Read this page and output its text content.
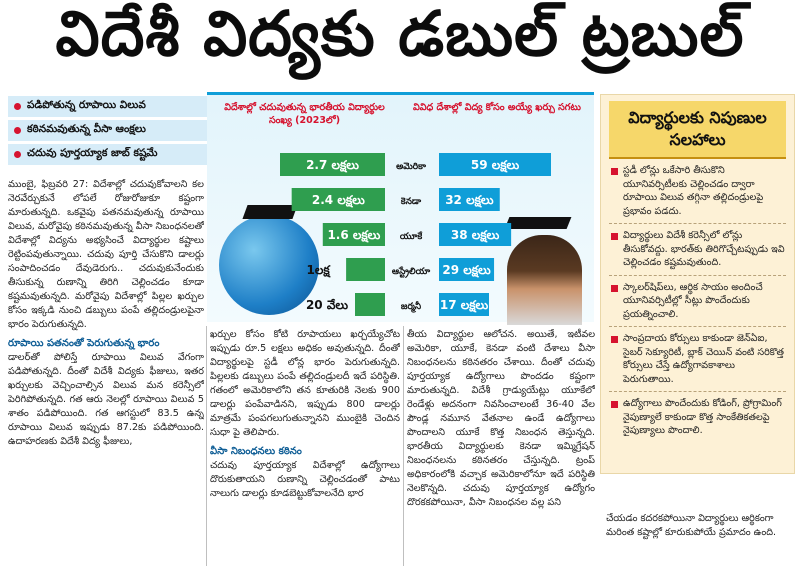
విదేశీ విద్యకు డబుల్ ట్రబుల్
పడిపోతున్న రూపాయి విలువ
కఠినమవుతున్న వీసా ఆంక్షలు
చదువు పూర్తయ్యాక జాబ్ కష్టమే
విదేశాల్లో చదువుతున్న భారతీయ విద్యార్థుల సంఖ్య (2023లో)
వివిధ దేశాల్లో విద్య కోసం అయ్యే ఖర్చు సగటు
2.7 లక్షలు
2.4 లక్షలు
1.6 లక్షలు
1లక్ష
20 వేలు
అమెరికా
కెనడా
యూకే
ఆస్ట్రేలియా
జర్మనీ
59 లక్షలు
32 లక్షలు
38 లక్షలు
29 లక్షలు
17 లక్షలు
విద్యార్థులకు నిపుణుల సలహాలు
స్టడీ లోన్లు ఒకేసారి తీసుకొని యూనివర్సిటీలకు చెల్లించడం ద్వారా రూపాయి విలువ తగ్గినా తల్లిదండ్రులపై ప్రభావం పడదు.
విద్యార్థులు విదేశీ కరెన్సీలో లోన్లు తీసుకోవద్దు. భారత్‌కు తిరిగొచ్చేటప్పుడు ఇవి చెల్లించడం కష్టమవుతుంది.
స్కాలర్‌షిప్‌లు, ఆర్థిక సాయం అందించే యూనివర్సిటీల్లో సీట్లు పొందేందుకు ప్రయత్నించాలి.
సాంప్రదాయ కోర్సులు కాకుండా జెన్‌ఏఐ, సైబర్ సెక్యూరిటీ, బ్లాక్ చెయిన్ వంటి సరికొత్త కోర్సులు చేస్తే ఉద్యోగావకాశాలు పెరుగుతాయి.
ఉద్యోగాలు పొందేందుకు కోడింగ్, ప్రోగ్రామింగ్ నైపుణ్యాలే కాకుండా కొత్త సాంకేతికతలపై నైపుణ్యాలు పొందాలి.
చేయడం కదరకపోయినా విద్యార్థులు ఆర్థికంగా మరింత కష్టాల్లో కూరుకుపోయే ప్రమాదం ఉంది.

ముంబై, ఫిబ్రవరి 27: విదేశాల్లో చదువుకోవాలని కల నెరవేర్చుకునే లోపలే రోజురోజుకూ కష్టంగా మారుతున్నది. ఒకవైపు పతనమవుతున్న రూపాయి విలువ, మరోవైపు కఠినమవుతున్న వీసా నిబంధనలతో విదేశాల్లో విద్యను అభ్యసించే విద్యార్థుల కష్టాలు రెట్టింపవుతున్నాయి. చదువు పూర్తి చేసుకొని డాలర్లు సంపాదించడం దేవుడెరుగు.. చదువుకునేందుకు తీసుకున్న రుణాన్ని తిరిగి చెల్లించడం కూడా కష్టమవుతున్నది. మరోవైపు విదేశాల్లో పిల్లల ఖర్చుల కోసం ఇక్కడి నుంచి డబ్బులు పంపే తల్లిదండ్రులపైనా భారం పెరుగుతున్నది.

రూపాయి పతనంతో పెరుగుతున్న భారం

డాలర్‌తో పోలిస్తే రూపాయి విలువ వేగంగా పడిపోతున్నది. దీంతో విదేశీ విద్యకు ఫీజులు, ఇతర ఖర్చులకు వెచ్చించాల్సిన విలువ మన కరెన్సీలో పెరిగిపోతున్నది. గత ఆరు నెలల్లో రూపాయి విలువ 5 శాతం పడిపోయింది. గత ఆగస్టులో 83.5 ఉన్న రూపాయి విలువ ఇప్పుడు 87.2కు పడిపోయింది. ఉదాహరణకు విదేశీ విద్య ఫీజులు,

ఖర్చుల కోసం కోటి రూపాయలు ఖర్చయ్యేచోట ఇప్పుడు రూ.5 లక్షలు అధికం అవుతున్నది. దీంతో విద్యార్థులపై స్టడీ లోన్ల భారం పెరుగుతున్నది. పిల్లలకు డబ్బులు పంపే తల్లిదండ్రులదీ ఇదే పరిస్థితి. గతంలో అమెరికాలోని తన కూతురికి నెలకు 900 డాలర్లు పంపేవాడినని, ఇప్పుడు 800 డాలర్లు మాత్రమే పంపగలుగుతున్నానని ముంబైకి చెందిన సుధా పై తెలిపారు.

వీసా నిబంధనలు కఠినం

చదువు పూర్తయ్యాక విదేశాల్లో ఉద్యోగాలు దొరుకుతాయని రుణాన్ని చెల్లించడంతో పాటు నాలుగు డాలర్లు కూడబెట్టుకోవాలనేది భార

తీయ విద్యార్థుల ఆలోచన. అయితే, ఇటీవల అమెరికా, యూకే, కెనడా వంటి దేశాలు వీసా నిబంధనలను కఠినతరం చేశాయి. దీంతో చదువు పూర్తయ్యాక ఉద్యోగాలు పొందడం కష్టంగా మారుతున్నది. విదేశీ గ్రాడ్యుయేట్లు యూకేలో రెండేళ్లు అదనంగా నివసించాలంటే 36-40 వేల పౌండ్ల నమూన వేతనాల ఉండే ఉద్యోగాలు పొందాలని యూకే కొత్త నిబంధన తెస్తున్నది. భారతీయ విద్యార్థులకు కెనడా ఇమ్మిగ్రేషన్ నిబంధనలను కఠినతరం చేస్తున్నది. ట్రంప్ అధికారంలోకి వచ్చాక అమెరికాలోనూ ఇదే పరిస్థితి నెలకొన్నది. చదువు పూర్తయ్యాక ఉద్యోగం దొరకకపోయినా, వీసా నిబంధనల వల్ల పని
